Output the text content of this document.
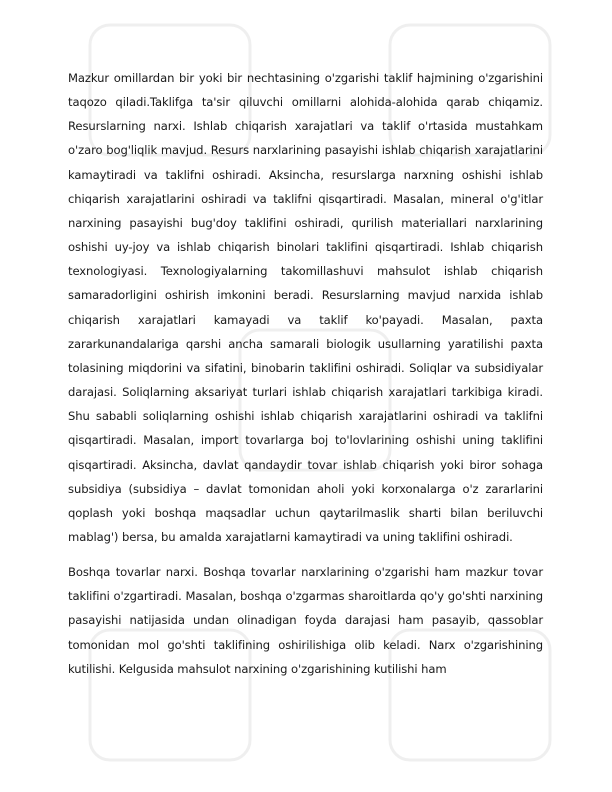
Mazkur omillardan bir yoki bir nechtasining o'zgarishi taklif hajmining o'zgarishini taqozo qiladi.Taklifga ta'sir qiluvchi omillarni alohida-alohida qarab chiqamiz. Resurslarning narxi. Ishlab chiqarish xarajatlari va taklif o'rtasida mustahkam o'zaro bog'liqlik mavjud. Resurs narxlarining pasayishi ishlab chiqarish xarajatlarini kamaytiradi va taklifni oshiradi. Aksincha, resurslarga narxning oshishi ishlab chiqarish xarajatlarini oshiradi va taklifni qisqartiradi. Masalan, mineral o'g'itlar narxining pasayishi bug'doy taklifini oshiradi, qurilish materiallari narxlarining oshishi uy-joy va ishlab chiqarish binolari taklifini qisqartiradi. Ishlab chiqarish texnologiyasi. Texnologiyalarning takomillashuvi mahsulot ishlab chiqarish samaradorligini oshirish imkonini beradi. Resurslarning mavjud narxida ishlab chiqarish xarajatlari kamayadi va taklif ko'payadi. Masalan, paxta zararkunandalariga qarshi ancha samarali biologik usullarning yaratilishi paxta tolasining miqdorini va sifatini, binobarin taklifini oshiradi. Soliqlar va subsidiyalar darajasi. Soliqlarning aksariyat turlari ishlab chiqarish xarajatlari tarkibiga kiradi. Shu sababli soliqlarning oshishi ishlab chiqarish xarajatlarini oshiradi va taklifni qisqartiradi. Masalan, import tovarlarga boj to'lovlarining oshishi uning taklifini qisqartiradi. Aksincha, davlat qandaydir tovar ishlab chiqarish yoki biror sohaga subsidiya (subsidiya – davlat tomonidan aholi yoki korxonalarga o'z zararlarini qoplash yoki boshqa maqsadlar uchun qaytarilmaslik sharti bilan beriluvchi mablag') bersa, bu amalda xarajatlarni kamaytiradi va uning taklifini oshiradi.

Boshqa tovarlar narxi. Boshqa tovarlar narxlarining o'zgarishi ham mazkur tovar taklifini o'zgartiradi. Masalan, boshqa o'zgarmas sharoitlarda qo'y go'shti narxining pasayishi natijasida undan olinadigan foyda darajasi ham pasayib, qassoblar tomonidan mol go'shti taklifining oshirilishiga olib keladi. Narx o'zgarishining kutilishi. Kelgusida mahsulot narxining o'zgarishining kutilishi ham
